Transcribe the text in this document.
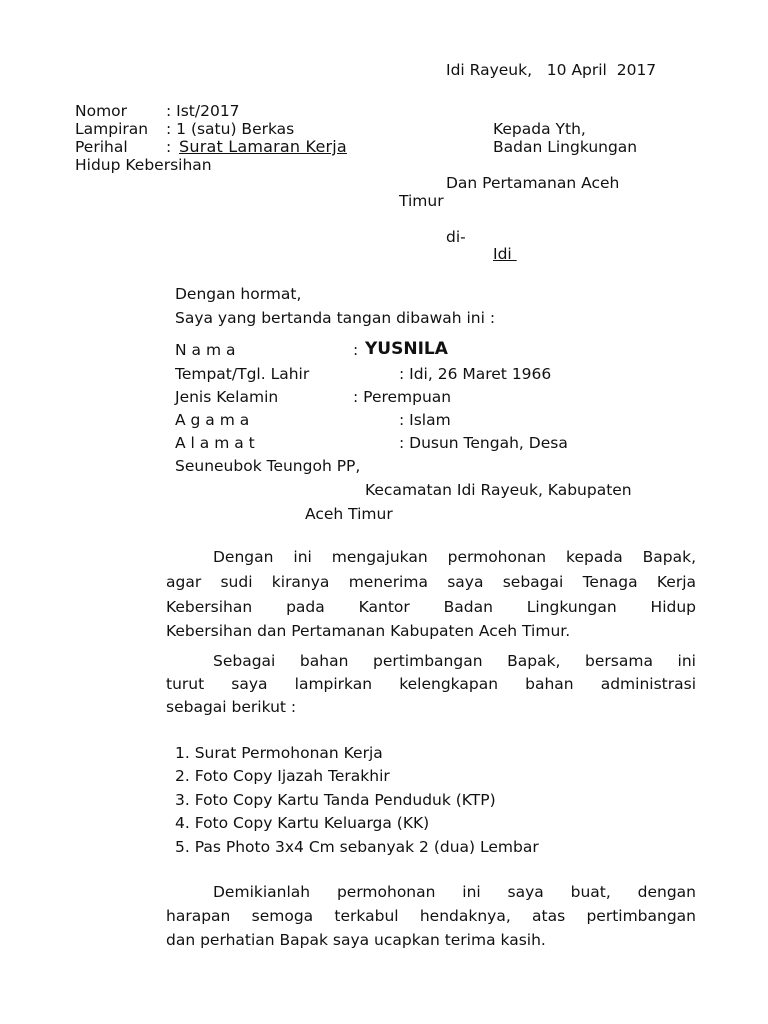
Idi Rayeuk,   10 April  2017
Nomor	: Ist/2017
Lampiran : 1 (satu) Berkas
Perihal : Surat Lamaran Kerja
Hidup Kebersihan
Kepada Yth,
Badan Lingkungan
Dan Pertamanan Aceh
Timur
di-
Idi
Dengan hormat,
Saya yang bertanda tangan dibawah ini :
N a m a	: YUSNILA
Tempat/Tgl. Lahir	: Idi, 26 Maret 1966
Jenis Kelamin	: Perempuan
A g a m a	: Islam
A l a m a t	: Dusun Tengah, Desa
Seuneubok Teungoh PP,
Kecamatan Idi Rayeuk, Kabupaten
Aceh Timur
Dengan ini mengajukan permohonan kepada Bapak,
agar sudi kiranya menerima saya sebagai Tenaga Kerja
Kebersihan pada Kantor Badan Lingkungan Hidup
Kebersihan dan Pertamanan Kabupaten Aceh Timur.
Sebagai bahan pertimbangan Bapak, bersama ini
turut saya lampirkan kelengkapan bahan administrasi
sebagai berikut :
1. Surat Permohonan Kerja
2. Foto Copy Ijazah Terakhir
3. Foto Copy Kartu Tanda Penduduk (KTP)
4. Foto Copy Kartu Keluarga (KK)
5. Pas Photo 3x4 Cm sebanyak 2 (dua) Lembar
Demikianlah permohonan ini saya buat, dengan
harapan semoga terkabul hendaknya, atas pertimbangan
dan perhatian Bapak saya ucapkan terima kasih.
